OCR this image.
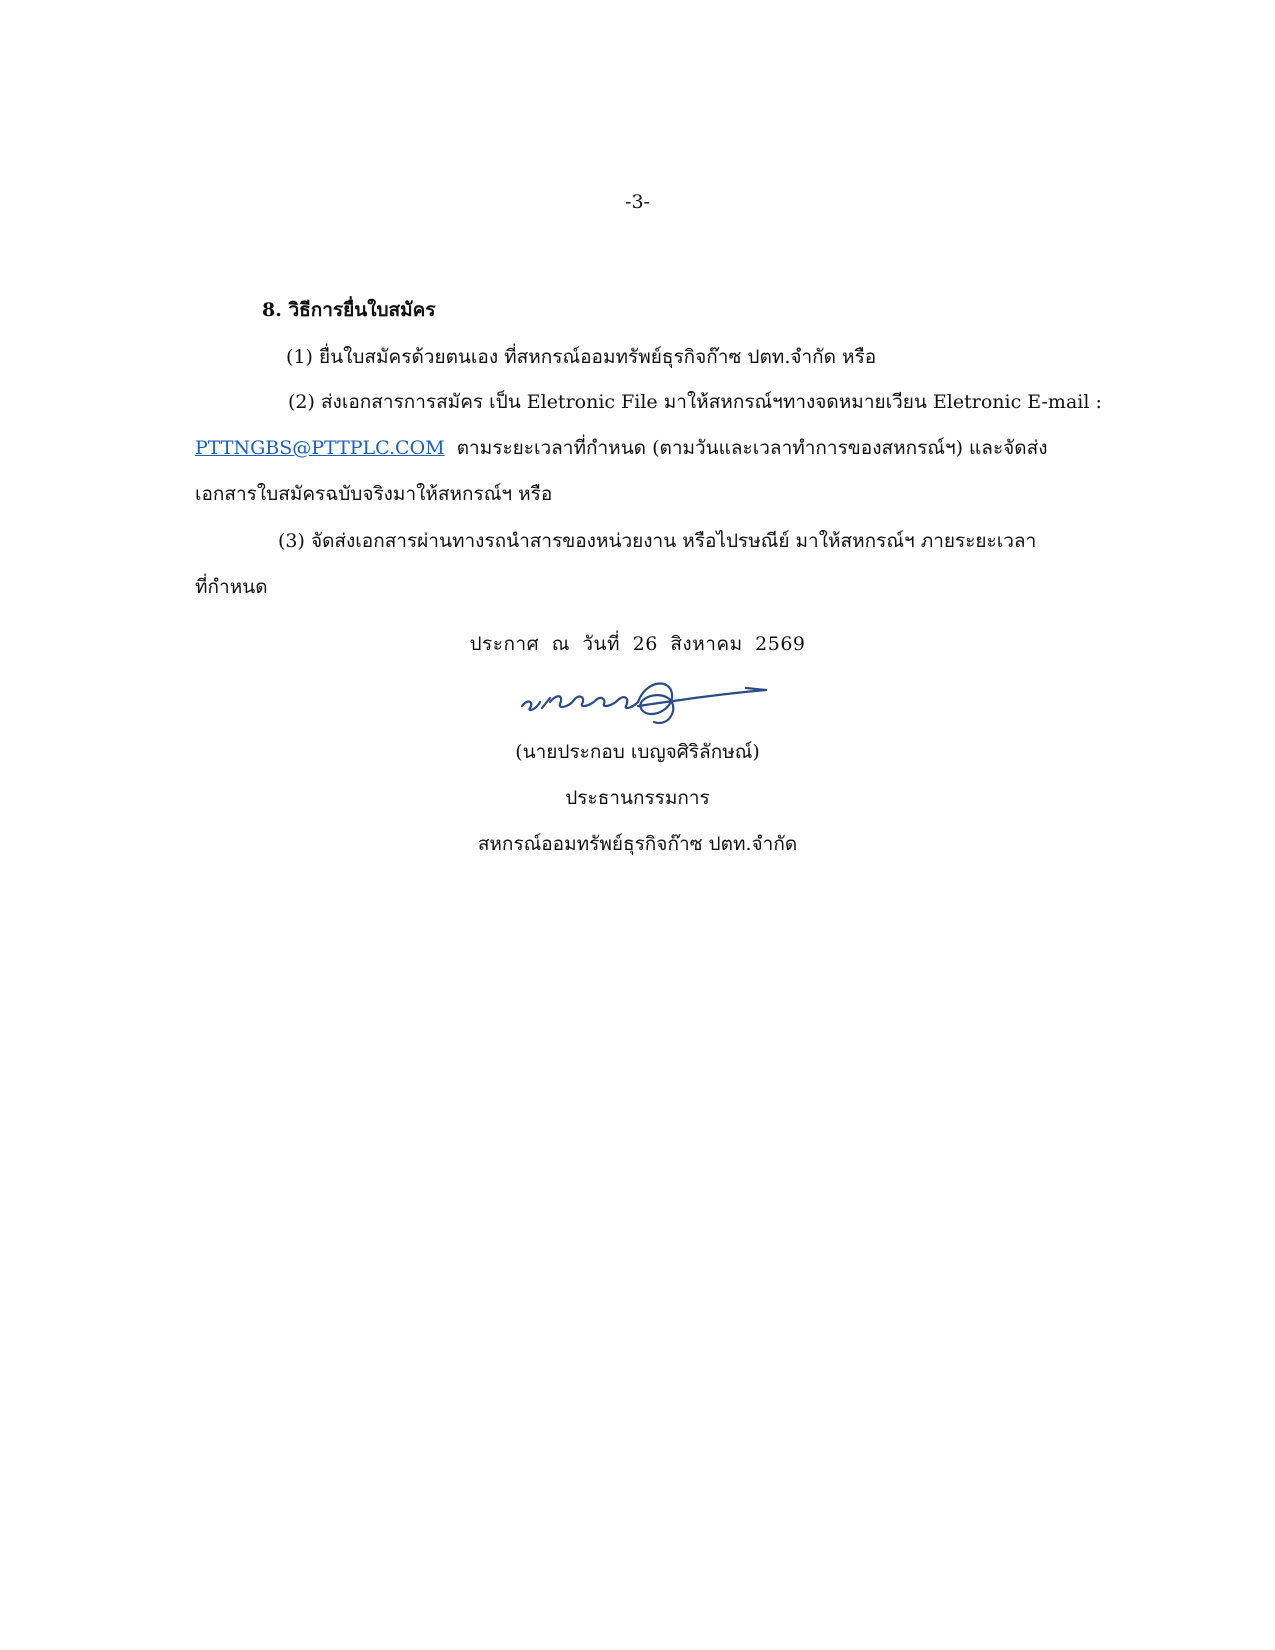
-3-
8. วิธีการยื่นใบสมัคร
(1) ยื่นใบสมัครด้วยตนเอง ที่สหกรณ์ออมทรัพย์ธุรกิจก๊าซ ปตท.จำกัด หรือ
(2) ส่งเอกสารการสมัคร เป็น Eletronic File มาให้สหกรณ์ฯทางจดหมายเวียน Eletronic E-mail :
PTTNGBS@PTTPLC.COM ตามระยะเวลาที่กำหนด (ตามวันและเวลาทำการของสหกรณ์ฯ) และจัดส่ง
เอกสารใบสมัครฉบับจริงมาให้สหกรณ์ฯ หรือ
(3) จัดส่งเอกสารผ่านทางรถนำสารของหน่วยงาน หรือไปรษณีย์ มาให้สหกรณ์ฯ ภายระยะเวลา
ที่กำหนด
ประกาศ ณ วันที่ 26 สิงหาคม 2569
(นายประกอบ เบญจศิริลักษณ์)
ประธานกรรมการ
สหกรณ์ออมทรัพย์ธุรกิจก๊าซ ปตท.จำกัด
